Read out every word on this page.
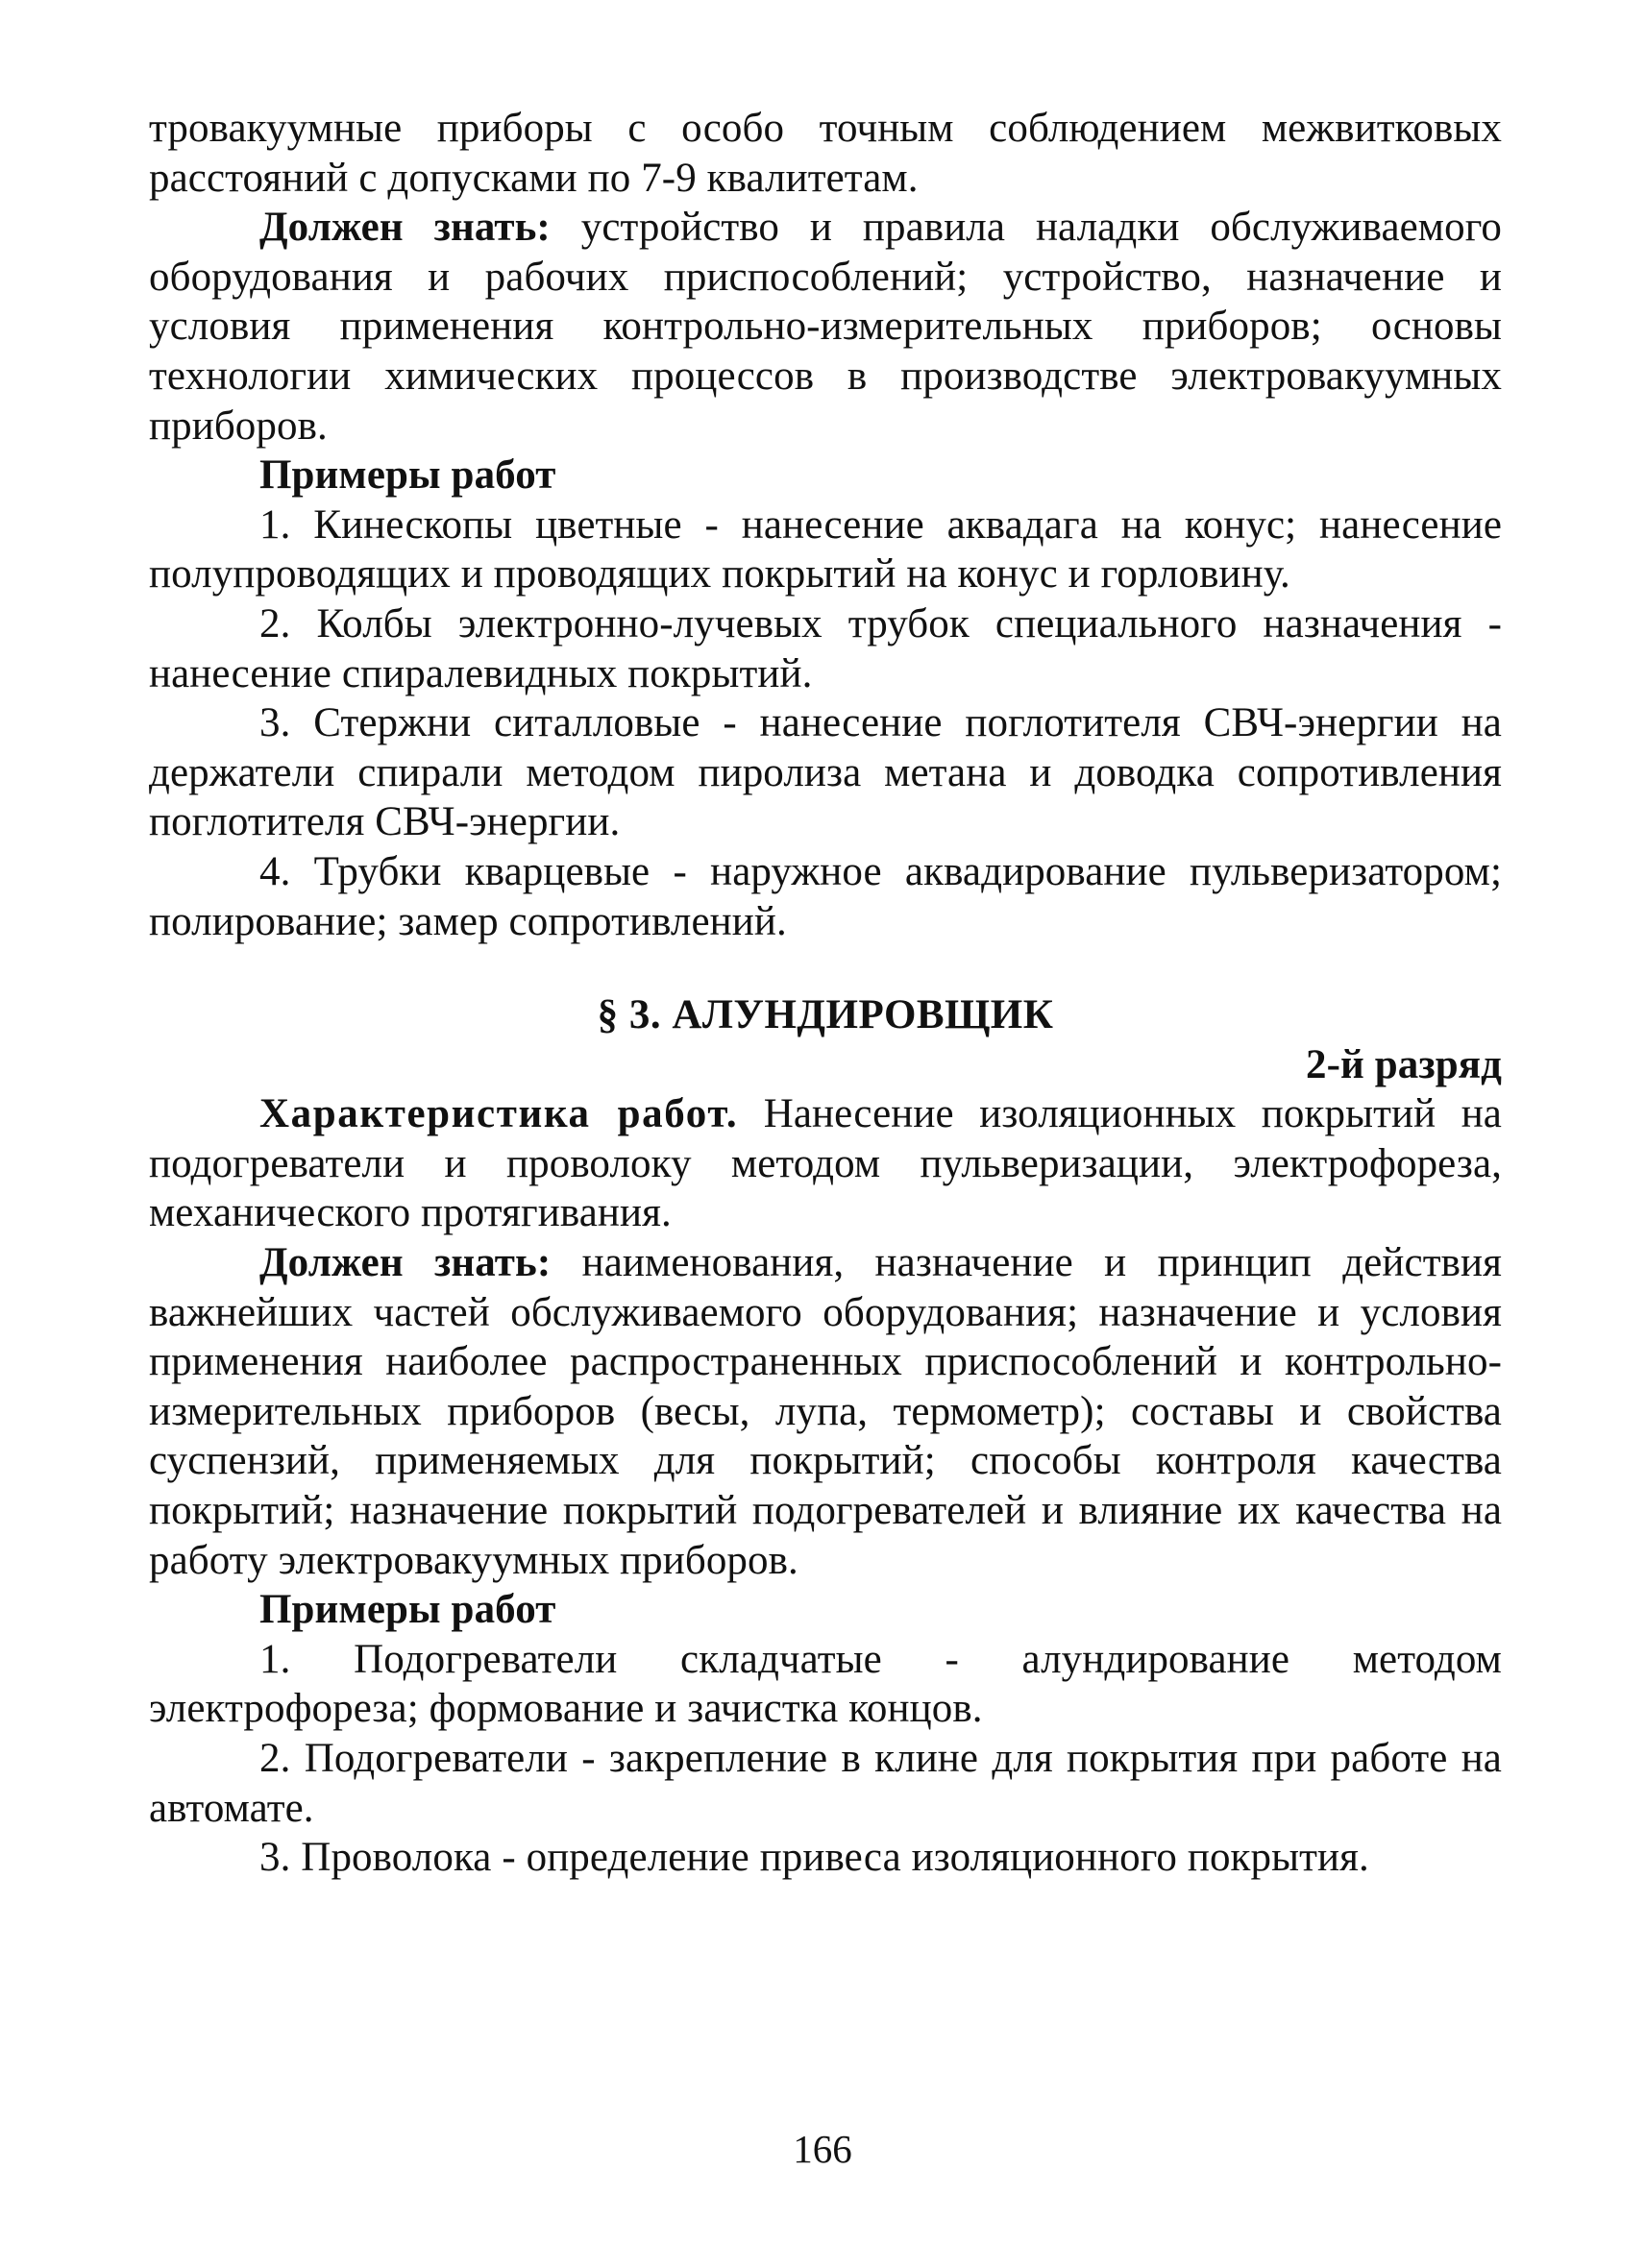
тровакуумные приборы с особо точным соблюдением межвитковых расстояний с допусками по 7-9 квалитетам.

Должен знать: устройство и правила наладки обслуживаемого оборудования и рабочих приспособлений; устройство, назначение и условия применения контрольно-измерительных приборов; основы технологии химических процессов в производстве электровакуумных приборов.

Примеры работ

1. Кинескопы цветные - нанесение аквадага на конус; нанесение полупроводящих и проводящих покрытий на конус и горловину.

2. Колбы электронно-лучевых трубок специального назначения - нанесение спиралевидных покрытий.

3. Стержни ситалловые - нанесение поглотителя СВЧ-энергии на держатели спирали методом пиролиза метана и доводка сопротивления поглотителя СВЧ-энергии.

4. Трубки кварцевые - наружное аквадирование пульверизатором; полирование; замер сопротивлений.

§ 3. АЛУНДИРОВЩИК

2-й разряд

Характеристика работ. Нанесение изоляционных покрытий на подогреватели и проволоку методом пульверизации, электрофореза, механического протягивания.

Должен знать: наименования, назначение и принцип действия важнейших частей обслуживаемого оборудования; назначение и условия применения наиболее распространенных приспособлений и контрольно-измерительных приборов (весы, лупа, термометр); составы и свойства суспензий, применяемых для покрытий; способы контроля качества покрытий; назначение покрытий подогревателей и влияние их качества на работу электровакуумных приборов.

Примеры работ

1. Подогреватели складчатые - алундирование методом электрофореза; формование и зачистка концов.

2. Подогреватели - закрепление в клине для покрытия при работе на автомате.

3. Проволока - определение привеса изоляционного покрытия.

166
